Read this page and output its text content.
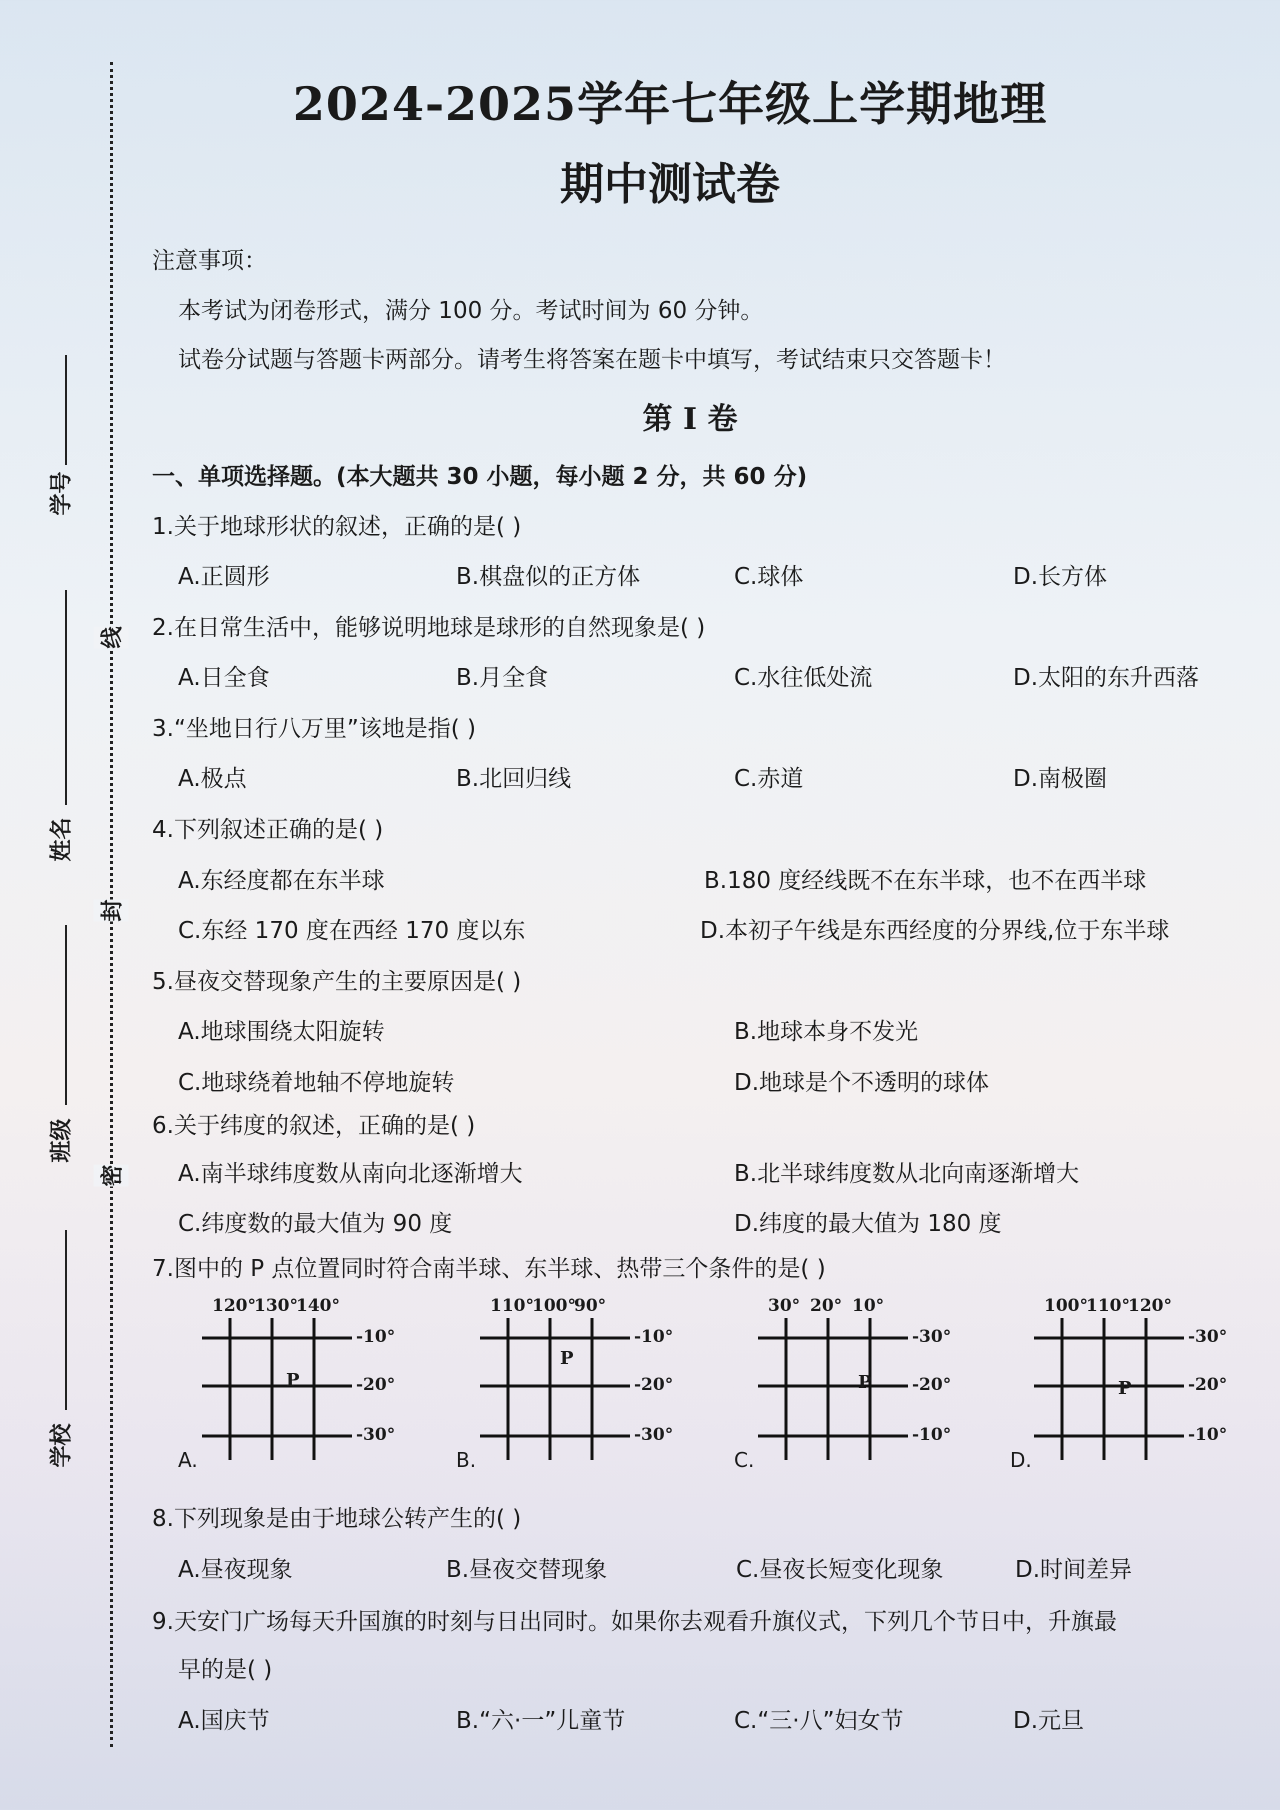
学号
姓名
班级
学校
线
封
密
2024-2025学年七年级上学期地理
期中测试卷
注意事项：
本考试为闭卷形式，满分 100 分。考试时间为 60 分钟。
试卷分试题与答题卡两部分。请考生将答案在题卡中填写，考试结束只交答题卡！
第 I 卷
一、单项选择题。(本大题共 30 小题，每小题 2 分，共 60 分)
1.关于地球形状的叙述，正确的是( )
A.正圆形	B.棋盘似的正方体	C.球体	D.长方体
2.在日常生活中，能够说明地球是球形的自然现象是( )
A.日全食	B.月全食	C.水往低处流	D.太阳的东升西落
3.“坐地日行八万里”该地是指( )
A.极点	B.北回归线	C.赤道	D.南极圈
4.下列叙述正确的是( )
A.东经度都在东半球	B.180 度经线既不在东半球，也不在西半球
C.东经 170 度在西经 170 度以东	D.本初子午线是东西经度的分界线,位于东半球
5.昼夜交替现象产生的主要原因是( )
A.地球围绕太阳旋转	B.地球本身不发光
C.地球绕着地轴不停地旋转	D.地球是个不透明的球体
6.关于纬度的叙述，正确的是( )
A.南半球纬度数从南向北逐渐增大	B.北半球纬度数从北向南逐渐增大
C.纬度数的最大值为 90 度	D.纬度的最大值为 180 度
7.图中的 P 点位置同时符合南半球、东半球、热带三个条件的是( )
120°
130°
140°
-10°
-20°
-30°
P
A.
110°
100°
90°
-10°
-20°
-30°
P
B.
30° 20° 10°
-30°
-20°
-10°
P
C.
100°
110°
120°
-30°
-20°
-10°
P
D.
8.下列现象是由于地球公转产生的( )
A.昼夜现象	B.昼夜交替现象	C.昼夜长短变化现象	D.时间差异
9.天安门广场每天升国旗的时刻与日出同时。如果你去观看升旗仪式，下列几个节日中，升旗最
早的是( )
A.国庆节	B.“六·一”儿童节	C.“三·八”妇女节	D.元旦
